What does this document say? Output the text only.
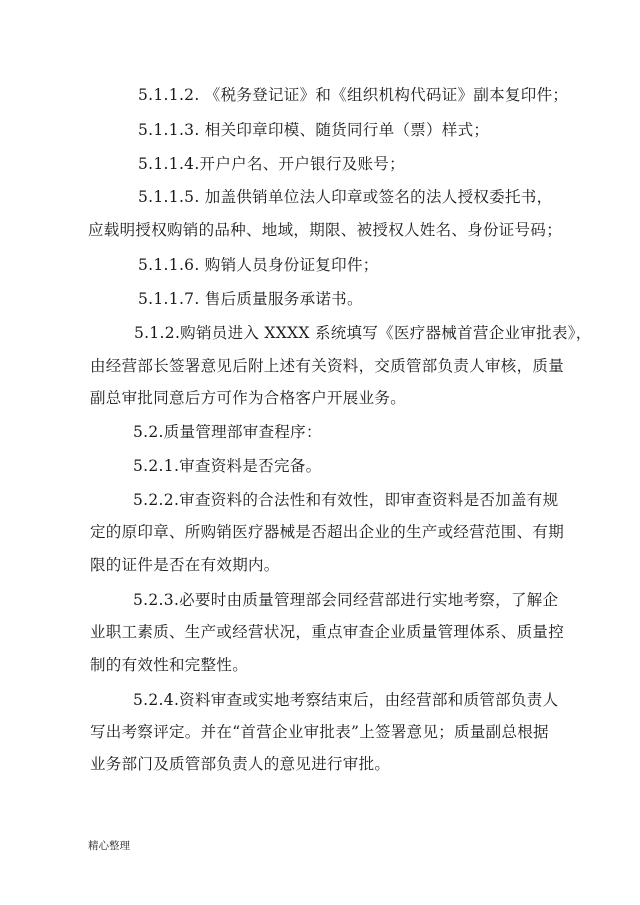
5.1.1.2. 《税务登记证》和《组织机构代码证》副本复印件；
5.1.1.3. 相关印章印模、随货同行单（票）样式；
5.1.1.4.开户户名、开户银行及账号；
5.1.1.5. 加盖供销单位法人印章或签名的法人授权委托书，
应载明授权购销的品种、地域，期限、被授权人姓名、身份证号码；
5.1.1.6. 购销人员身份证复印件；
5.1.1.7. 售后质量服务承诺书。
5.1.2.购销员进入 XXXX 系统填写《医疗器械首营企业审批表》，
由经营部长签署意见后附上述有关资料，交质管部负责人审核，质量
副总审批同意后方可作为合格客户开展业务。
5.2.质量管理部审查程序：
5.2.1.审查资料是否完备。
5.2.2.审查资料的合法性和有效性，即审查资料是否加盖有规
定的原印章、所购销医疗器械是否超出企业的生产或经营范围、有期
限的证件是否在有效期内。
5.2.3.必要时由质量管理部会同经营部进行实地考察，了解企
业职工素质、生产或经营状况，重点审查企业质量管理体系、质量控
制的有效性和完整性。
5.2.4.资料审查或实地考察结束后，由经营部和质管部负责人
写出考察评定。并在“首营企业审批表”上签署意见；质量副总根据
业务部门及质管部负责人的意见进行审批。
精心整理
